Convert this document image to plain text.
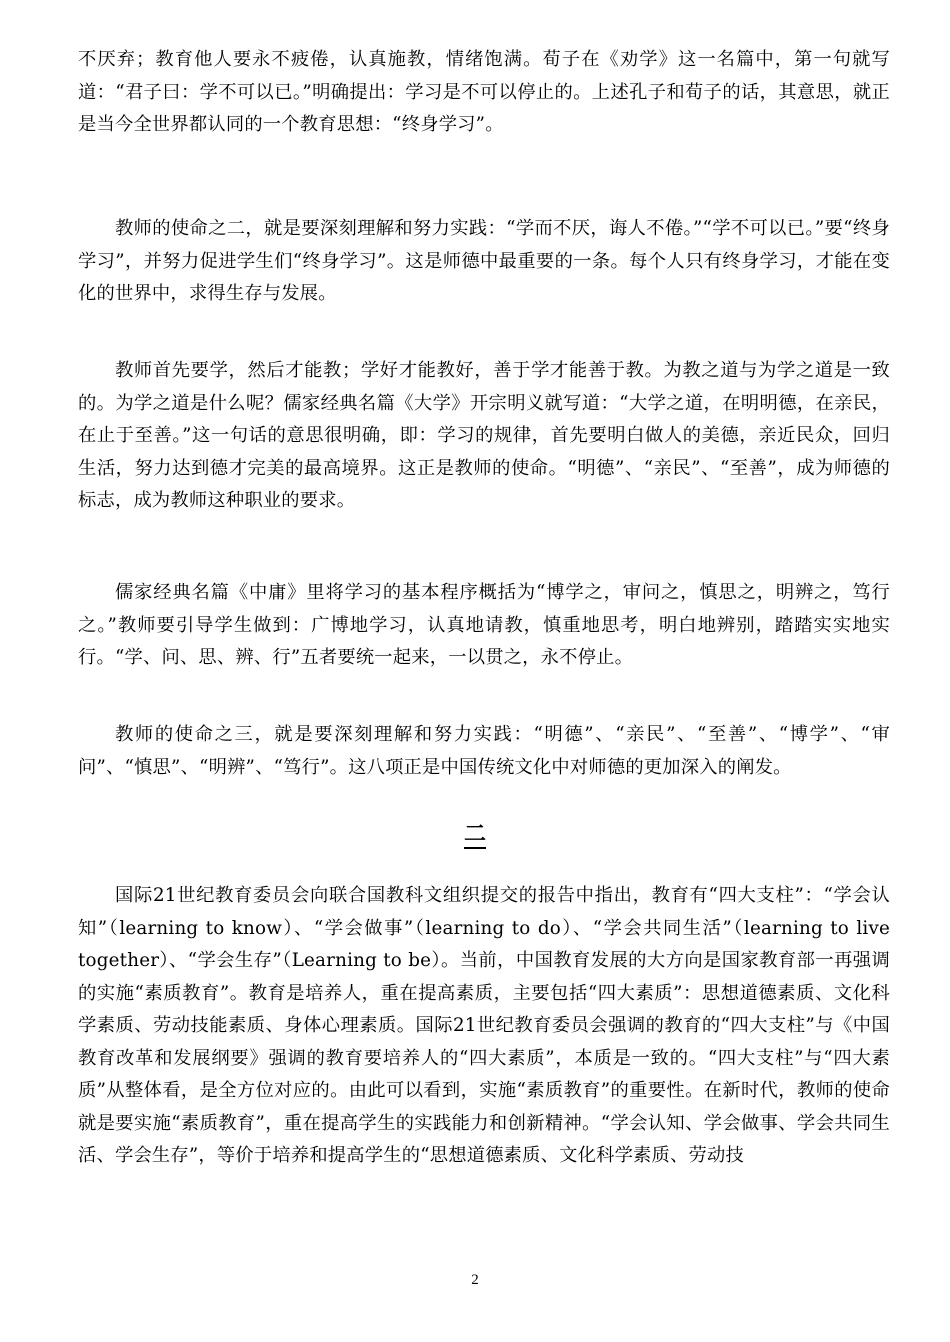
不厌弃；教育他人要永不疲倦，认真施教，情绪饱满。荀子在《劝学》这一名篇中，第一句就写道：“君子曰：学不可以已。”明确提出：学习是不可以停止的。上述孔子和荀子的话，其意思，就正是当今全世界都认同的一个教育思想：“终身学习”。

教师的使命之二，就是要深刻理解和努力实践：“学而不厌，诲人不倦。”“学不可以已。”要“终身学习”，并努力促进学生们“终身学习”。这是师德中最重要的一条。每个人只有终身学习，才能在变化的世界中，求得生存与发展。

教师首先要学，然后才能教；学好才能教好，善于学才能善于教。为教之道与为学之道是一致的。为学之道是什么呢？儒家经典名篇《大学》开宗明义就写道：“大学之道，在明明德，在亲民，在止于至善。”这一句话的意思很明确，即：学习的规律，首先要明白做人的美德，亲近民众，回归生活，努力达到德才完美的最高境界。这正是教师的使命。“明德”、“亲民”、“至善”，成为师德的标志，成为教师这种职业的要求。

儒家经典名篇《中庸》里将学习的基本程序概括为“博学之，审问之，慎思之，明辨之，笃行之。”教师要引导学生做到：广博地学习，认真地请教，慎重地思考，明白地辨别，踏踏实实地实行。“学、问、思、辨、行”五者要统一起来，一以贯之，永不停止。

教师的使命之三，就是要深刻理解和努力实践：“明德”、“亲民”、“至善”、“博学”、“审问”、“慎思”、“明辨”、“笃行”。这八项正是中国传统文化中对师德的更加深入的阐发。

二

国际21世纪教育委员会向联合国教科文组织提交的报告中指出，教育有“四大支柱”：“学会认知”（learning to know）、“学会做事”（learning to do）、“学会共同生活”（learning to live together）、“学会生存”（Learning to be）。当前，中国教育发展的大方向是国家教育部一再强调的实施“素质教育”。教育是培养人，重在提高素质，主要包括“四大素质”：思想道德素质、文化科学素质、劳动技能素质、身体心理素质。国际21世纪教育委员会强调的教育的“四大支柱”与《中国教育改革和发展纲要》强调的教育要培养人的“四大素质”，本质是一致的。“四大支柱”与“四大素质”从整体看，是全方位对应的。由此可以看到，实施“素质教育”的重要性。在新时代，教师的使命就是要实施“素质教育”，重在提高学生的实践能力和创新精神。“学会认知、学会做事、学会共同生活、学会生存”，等价于培养和提高学生的“思想道德素质、文化科学素质、劳动技

2
